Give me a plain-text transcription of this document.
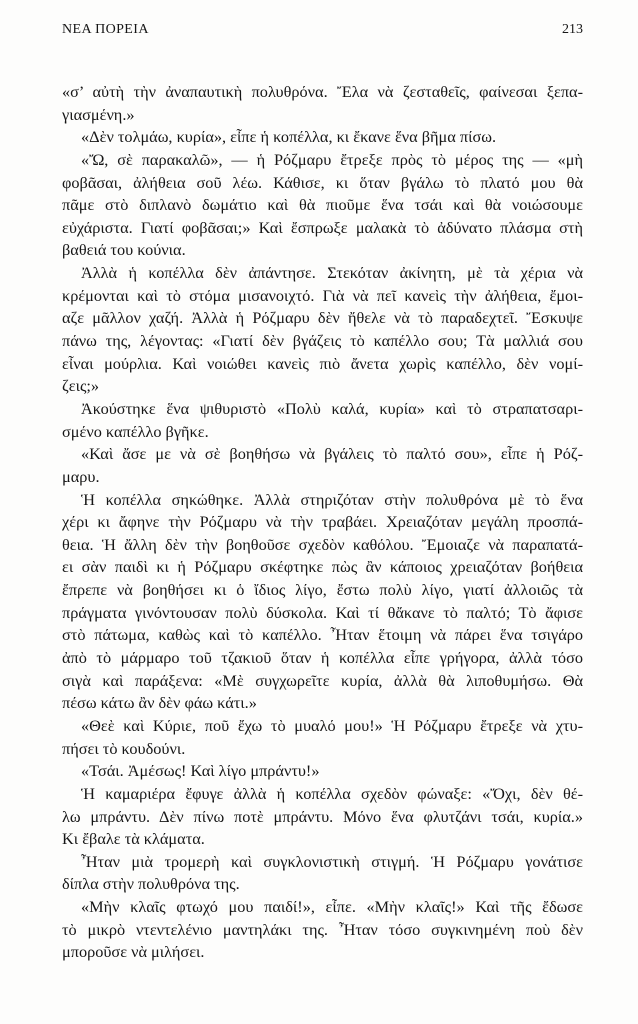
ΝΕΑ ΠΟΡΕΙΑ	213
«σ’ αὐτὴ τὴν ἀναπαυτικὴ πολυθρόνα. Ἔλα νὰ ζεσταθεῖς, φαίνεσαι ξεπα-
γιασμένη.»
«Δὲν τολμάω, κυρία», εἶπε ἡ κοπέλλα, κι ἔκανε ἕνα βῆμα πίσω.
«Ὤ, σὲ παρακαλῶ», — ἡ Ρόζμαρυ ἔτρεξε πρὸς τὸ μέρος της — «μὴ
φοβᾶσαι, ἀλήθεια σοῦ λέω. Κάθισε, κι ὅταν βγάλω τὸ πλατό μου θὰ
πᾶμε στὸ διπλανὸ δωμάτιο καὶ θὰ πιοῦμε ἕνα τσάι καὶ θὰ νοιώσουμε
εὐχάριστα. Γιατί φοβᾶσαι;» Καὶ ἔσπρωξε μαλακὰ τὸ ἀδύνατο πλάσμα στὴ
βαθειά του κούνια.
Ἀλλὰ ἡ κοπέλλα δὲν ἀπάντησε. Στεκόταν ἀκίνητη, μὲ τὰ χέρια νὰ
κρέμονται καὶ τὸ στόμα μισανοιχτό. Γιὰ νὰ πεῖ κανεὶς τὴν ἀλήθεια, ἔμοι-
αζε μᾶλλον χαζή. Ἀλλὰ ἡ Ρόζμαρυ δὲν ἤθελε νὰ τὸ παραδεχτεῖ. Ἔσκυψε
πάνω της, λέγοντας: «Γιατί δὲν βγάζεις τὸ καπέλλο σου; Τὰ μαλλιά σου
εἶναι μούρλια. Καὶ νοιώθει κανεὶς πιὸ ἄνετα χωρὶς καπέλλο, δὲν νομί-
ζεις;»
Ἀκούστηκε ἕνα ψιθυριστὸ «Πολὺ καλά, κυρία» καὶ τὸ στραπατσαρι-
σμένο καπέλλο βγῆκε.
«Καὶ ἄσε με νὰ σὲ βοηθήσω νὰ βγάλεις τὸ παλτό σου», εἶπε ἡ Ρόζ-
μαρυ.
Ἡ κοπέλλα σηκώθηκε. Ἀλλὰ στηριζόταν στὴν πολυθρόνα μὲ τὸ ἕνα
χέρι κι ἄφηνε τὴν Ρόζμαρυ νὰ τὴν τραβάει. Χρειαζόταν μεγάλη προσπά-
θεια. Ἡ ἄλλη δὲν τὴν βοηθοῦσε σχεδὸν καθόλου. Ἔμοιαζε νὰ παραπατά-
ει σὰν παιδὶ κι ἡ Ρόζμαρυ σκέφτηκε πὼς ἂν κάποιος χρειαζόταν βοήθεια
ἔπρεπε νὰ βοηθήσει κι ὁ ἴδιος λίγο, ἔστω πολὺ λίγο, γιατί ἀλλοιῶς τὰ
πράγματα γινόντουσαν πολὺ δύσκολα. Καὶ τί θἄκανε τὸ παλτό; Τὸ ἄφισε
στὸ πάτωμα, καθὼς καὶ τὸ καπέλλο. Ἦταν ἕτοιμη νὰ πάρει ἕνα τσιγάρο
ἀπὸ τὸ μάρμαρο τοῦ τζακιοῦ ὅταν ἡ κοπέλλα εἶπε γρήγορα, ἀλλὰ τόσο
σιγὰ καὶ παράξενα: «Μὲ συγχωρεῖτε κυρία, ἀλλὰ θὰ λιποθυμήσω. Θὰ
πέσω κάτω ἂν δὲν φάω κάτι.»
«Θεὲ καὶ Κύριε, ποῦ ἔχω τὸ μυαλό μου!» Ἡ Ρόζμαρυ ἔτρεξε νὰ χτυ-
πήσει τὸ κουδούνι.
«Τσάι. Ἀμέσως! Καὶ λίγο μπράντυ!»
Ἡ καμαριέρα ἔφυγε ἀλλὰ ἡ κοπέλλα σχεδὸν φώναξε: «Ὄχι, δὲν θέ-
λω μπράντυ. Δὲν πίνω ποτὲ μπράντυ. Μόνο ἕνα φλυτζάνι τσάι, κυρία.»
Κι ἔβαλε τὰ κλάματα.
Ἦταν μιὰ τρομερὴ καὶ συγκλονιστικὴ στιγμή. Ἡ Ρόζμαρυ γονάτισε
δίπλα στὴν πολυθρόνα της.
«Μὴν κλαῖς φτωχό μου παιδί!», εἶπε. «Μὴν κλαῖς!» Καὶ τῆς ἔδωσε
τὸ μικρὸ ντεντελένιο μαντηλάκι της. Ἦταν τόσο συγκινημένη ποὺ δὲν
μποροῦσε νὰ μιλήσει.
